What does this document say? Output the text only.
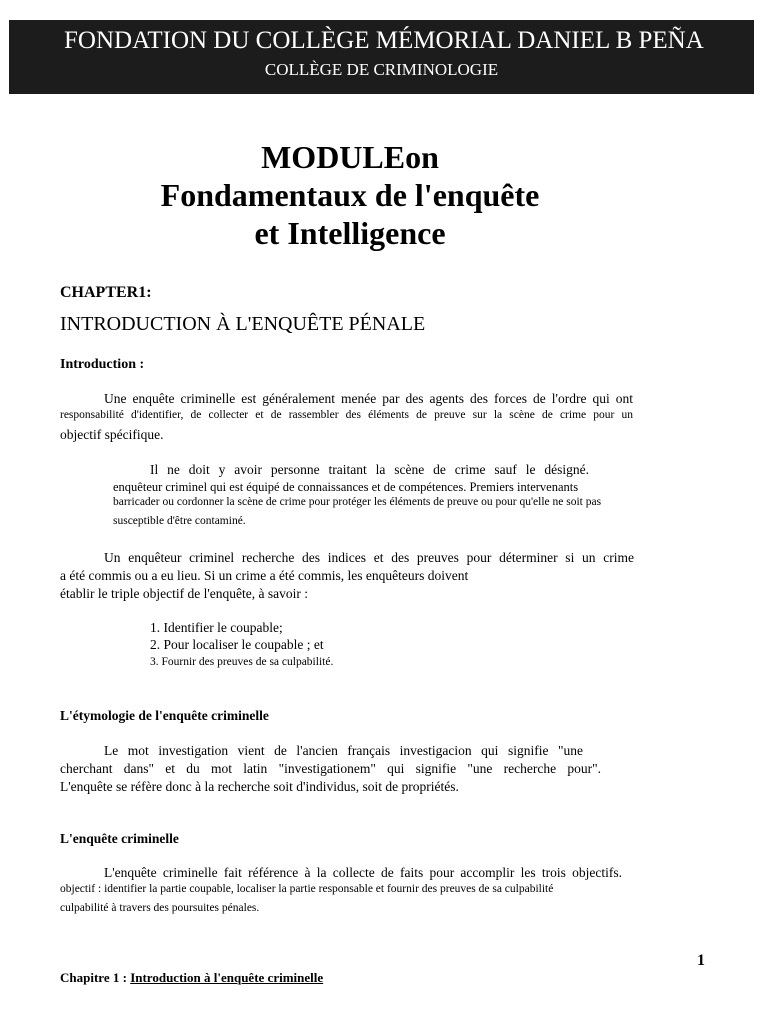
FONDATION DU COLLÈGE MÉMORIAL DANIEL B PEÑA
COLLÈGE DE CRIMINOLOGIE
MODULEon
Fondamentaux de l'enquête
et Intelligence
CHAPTER1:
INTRODUCTION À L'ENQUÊTE PÉNALE
Introduction :
Une enquête criminelle est généralement menée par des agents des forces de l'ordre qui ont
responsabilité d'identifier, de collecter et de rassembler des éléments de preuve sur la scène de crime pour un
objectif spécifique.
Il ne doit y avoir personne traitant la scène de crime sauf le désigné.
enquêteur criminel qui est équipé de connaissances et de compétences. Premiers intervenants
barricader ou cordonner la scène de crime pour protéger les éléments de preuve ou pour qu'elle ne soit pas
susceptible d'être contaminé.
Un enquêteur criminel recherche des indices et des preuves pour déterminer si un crime
a été commis ou a eu lieu. Si un crime a été commis, les enquêteurs doivent
établir le triple objectif de l'enquête, à savoir :
1. Identifier le coupable;
2. Pour localiser le coupable ; et
3. Fournir des preuves de sa culpabilité.
L'étymologie de l'enquête criminelle
Le mot investigation vient de l'ancien français investigacion qui signifie "une
cherchant dans" et du mot latin "investigationem" qui signifie "une recherche pour".
L'enquête se réfère donc à la recherche soit d'individus, soit de propriétés.
L'enquête criminelle
L'enquête criminelle fait référence à la collecte de faits pour accomplir les trois objectifs.
objectif : identifier la partie coupable, localiser la partie responsable et fournir des preuves de sa culpabilité
culpabilité à travers des poursuites pénales.
1
Chapitre 1 : Introduction à l'enquête criminelle
